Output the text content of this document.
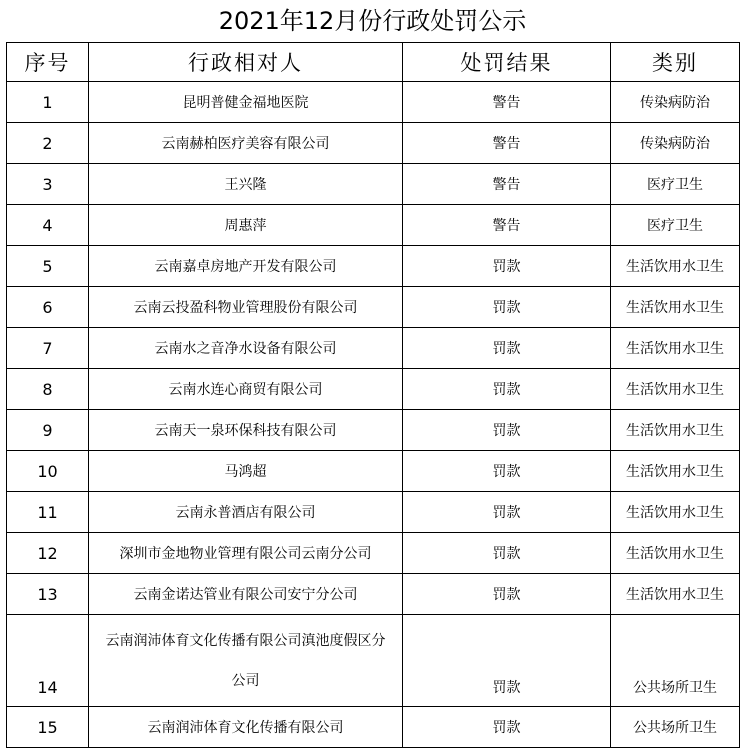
2021年12月份行政处罚公示
序号	行政相对人	处罚结果	类别
1	昆明普健金福地医院	警告	传染病防治
2	云南赫柏医疗美容有限公司	警告	传染病防治
3	王兴隆	警告	医疗卫生
4	周惠萍	警告	医疗卫生
5	云南嘉卓房地产开发有限公司	罚款	生活饮用水卫生
6	云南云投盈科物业管理股份有限公司	罚款	生活饮用水卫生
7	云南水之音净水设备有限公司	罚款	生活饮用水卫生
8	云南水连心商贸有限公司	罚款	生活饮用水卫生
9	云南天一泉环保科技有限公司	罚款	生活饮用水卫生
10	马鸿超	罚款	生活饮用水卫生
11	云南永普酒店有限公司	罚款	生活饮用水卫生
12	深圳市金地物业管理有限公司云南分公司	罚款	生活饮用水卫生
13	云南金诺达管业有限公司安宁分公司	罚款	生活饮用水卫生
14	云南润沛体育文化传播有限公司滇池度假区分公司	罚款	公共场所卫生
15	云南润沛体育文化传播有限公司	罚款	公共场所卫生
